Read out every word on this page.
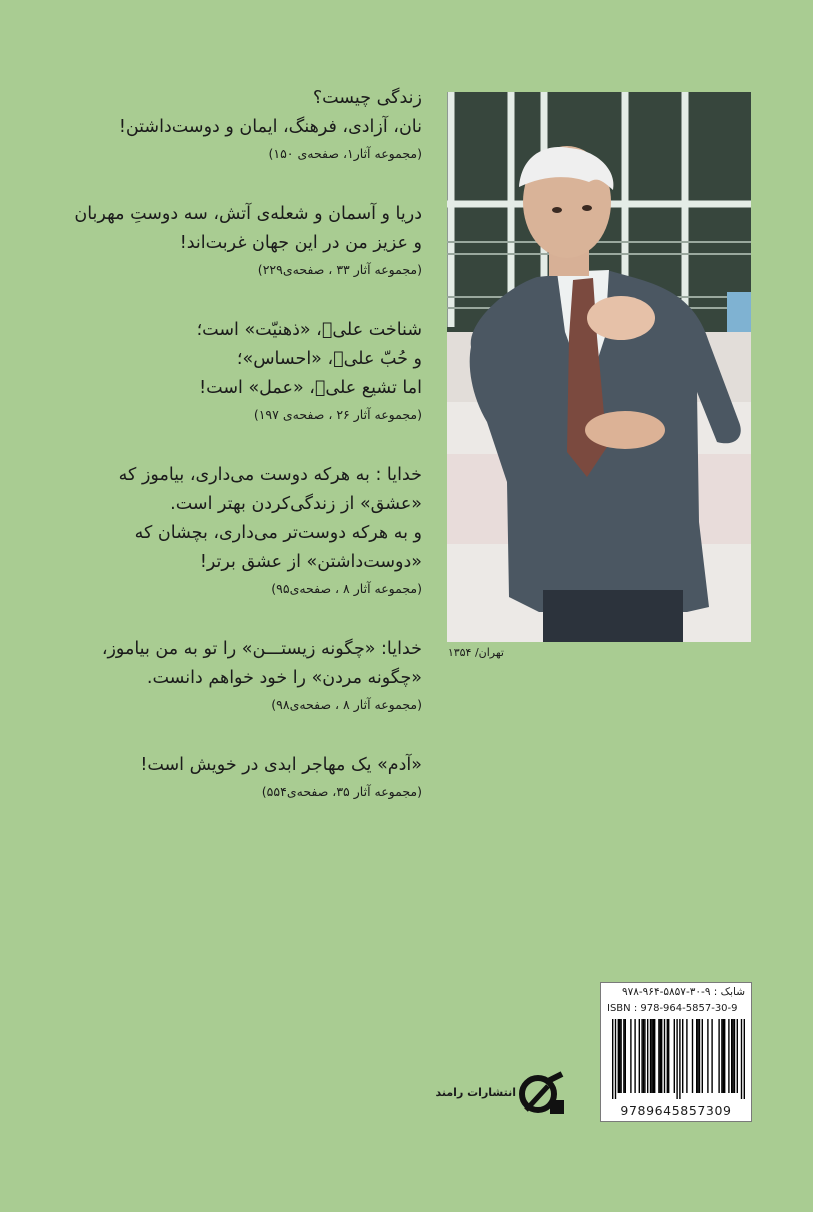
زندگی چیست؟
نان، آزادی، فرهنگ، ایمان و دوست‌داشتن!
(مجموعه آثار۱، صفحه‌ی ۱۵۰)
دریا و آسمان و شعله‌ی آتش، سه دوستِ مهربان
و عزیز من در این جهان غربت‌اند!
(مجموعه آثار ۳۳ ، صفحه‌ی۲۲۹)
شناخت علیؑ، «ذهنیّت» است؛
و حُبّ علیؑ، «احساس»؛
اما تشیع علیؑ، «عمل» است!
(مجموعه آثار ۲۶ ، صفحه‌ی ۱۹۷)
خدایا : به هرکه دوست می‌داری، بیاموز که
«عشق» از زندگی‌کردن بهتر است.
و به هرکه دوست‌تر می‌داری، بچشان که
«دوست‌داشتن» از عشق برتر!
(مجموعه آثار ۸ ، صفحه‌ی۹۵)
خدایا: «چگونه زیستـــن» را تو به من بیاموز،
«چگونه مردن» را خود خواهم دانست.
(مجموعه آثار ۸ ، صفحه‌ی۹۸)
«آدم» یک مهاجر ابدی در خویش است!
(مجموعه آثار ۳۵، صفحه‌ی۵۵۴)
تهران/ ۱۳۵۴
شابک : ۹-۳۰-۵۸۵۷-۹۶۴-۹۷۸
ISBN : 978-964-5857-30-9
9789645857309
انتشارات رامند
